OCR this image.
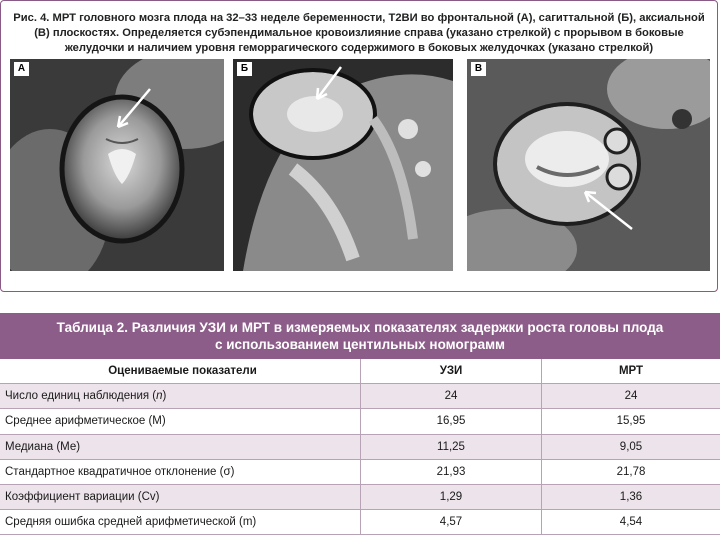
Рис. 4. МРТ головного мозга плода на 32–33 неделе беременности, T2ВИ во фронтальной (А), сагиттальной (Б), аксиальной (В) плоскостях. Определяется субэпендимальное кровоизлияние справа (указано стрелкой) с прорывом в боковые желудочки и наличием уровня геморрагического содержимого в боковых желудочках (указано стрелкой)
А	Б	В
Таблица 2. Различия УЗИ и МРТ в измеряемых показателях задержки роста головы плода
с использованием центильных номограмм
Оцениваемые показатели	УЗИ	МРТ
Число единиц наблюдения (n)	24	24
Среднее арифметическое (М)	16,95	15,95
Медиана (Ме)	11,25	9,05
Стандартное квадратичное отклонение (σ)	21,93	21,78
Коэффициент вариации (Cv)	1,29	1,36
Средняя ошибка средней арифметической (m)	4,57	4,54
